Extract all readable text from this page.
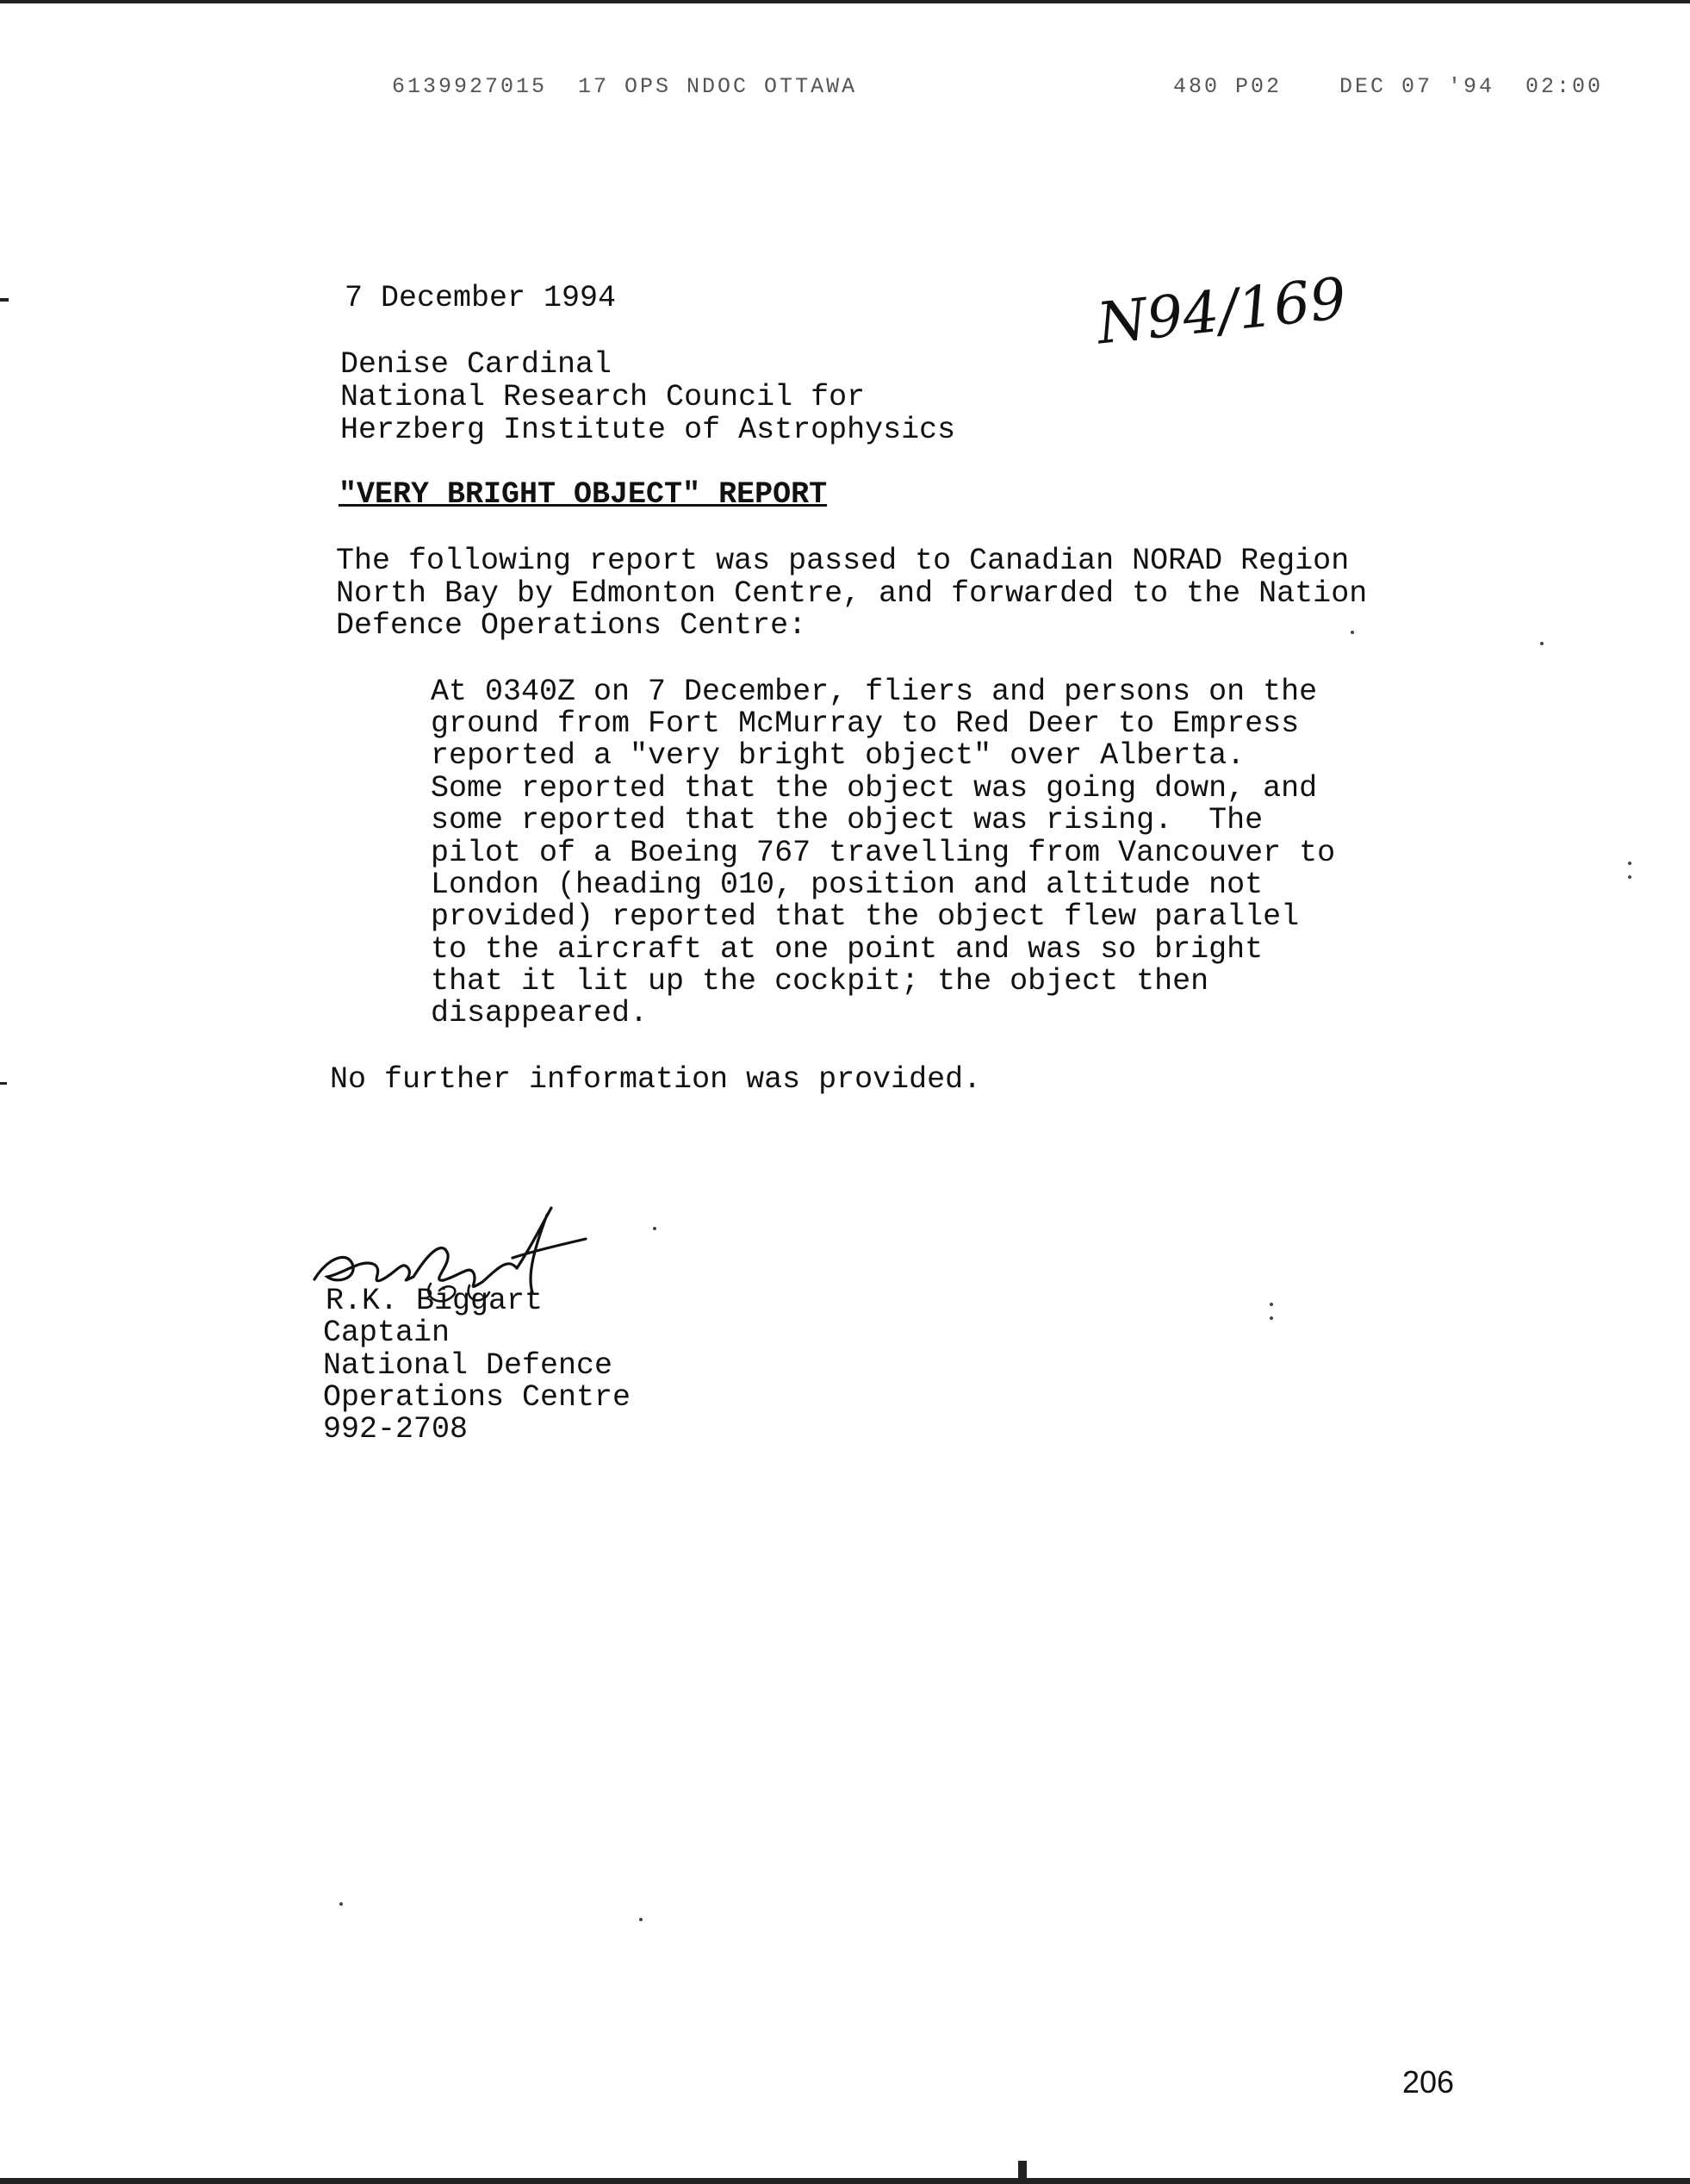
6139927015  17 OPS NDOC OTTAWA	480 P02	DEC 07 '94  02:00
7 December 1994	N94/169
Denise Cardinal
National Research Council for
Herzberg Institute of Astrophysics
"VERY BRIGHT OBJECT" REPORT
The following report was passed to Canadian NORAD Region
North Bay by Edmonton Centre, and forwarded to the Nation
Defence Operations Centre:
At 0340Z on 7 December, fliers and persons on the
ground from Fort McMurray to Red Deer to Empress
reported a "very bright object" over Alberta.
Some reported that the object was going down, and
some reported that the object was rising.  The
pilot of a Boeing 767 travelling from Vancouver to
London (heading 010, position and altitude not
provided) reported that the object flew parallel
to the aircraft at one point and was so bright
that it lit up the cockpit; the object then
disappeared.
No further information was provided.
R.K. Biggart
Captain
National Defence
Operations Centre
992-2708
206
